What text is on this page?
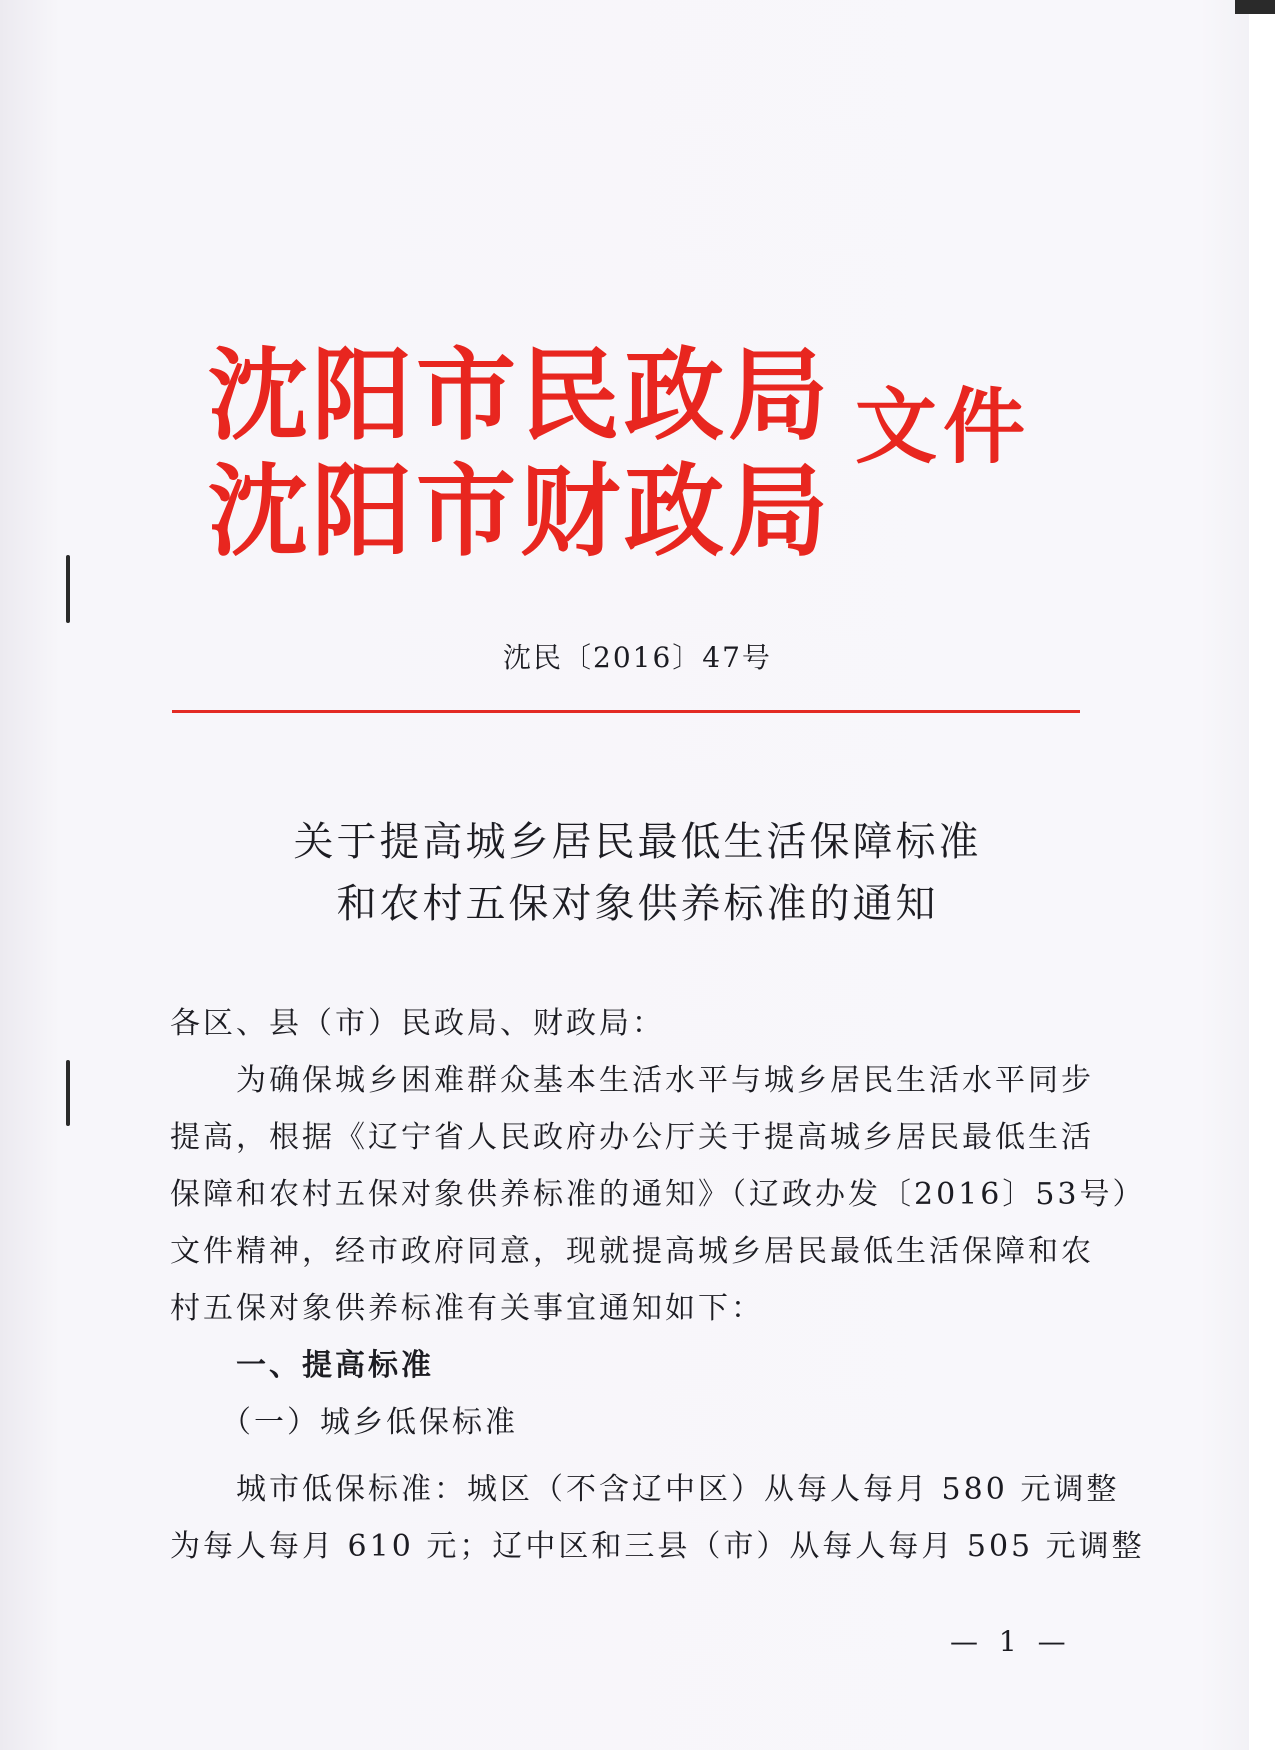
沈阳市民政局
沈阳市财政局
文件
沈民〔2016〕47号
关于提高城乡居民最低生活保障标准
和农村五保对象供养标准的通知
各区、县（市）民政局、财政局：
　　为确保城乡困难群众基本生活水平与城乡居民生活水平同步
提高，根据《辽宁省人民政府办公厅关于提高城乡居民最低生活
保障和农村五保对象供养标准的通知》（辽政办发〔2016〕53号）
文件精神，经市政府同意，现就提高城乡居民最低生活保障和农
村五保对象供养标准有关事宜通知如下：
　　一、提高标准
　　（一）城乡低保标准
　　城市低保标准：城区（不含辽中区）从每人每月 580 元调整
为每人每月 610 元；辽中区和三县（市）从每人每月 505 元调整
— 1 —
